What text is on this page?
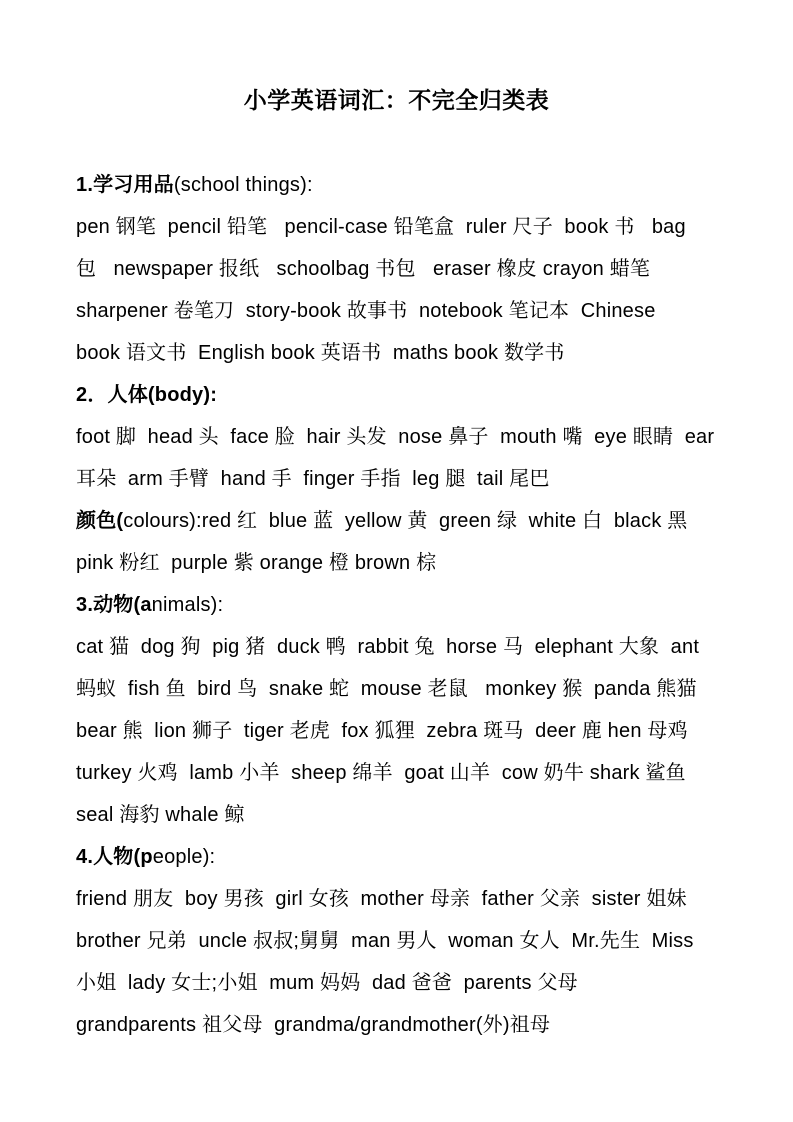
小学英语词汇：不完全归类表
1.学习用品(school things):
pen 钢笔  pencil 铅笔   pencil-case 铅笔盒  ruler 尺子  book 书   bag
包   newspaper 报纸   schoolbag 书包   eraser 橡皮 crayon 蜡笔
sharpener 卷笔刀  story-book 故事书  notebook 笔记本  Chinese
book 语文书  English book 英语书  maths book 数学书
2．人体(body):
foot 脚  head 头  face 脸  hair 头发  nose 鼻子  mouth 嘴  eye 眼睛  ear
耳朵  arm 手臂  hand 手  finger 手指  leg 腿  tail 尾巴
颜色(colours):red 红  blue 蓝  yellow 黄  green 绿  white 白  black 黑
pink 粉红  purple 紫 orange 橙 brown 棕
3.动物(animals):
cat 猫  dog 狗  pig 猪  duck 鸭  rabbit 兔  horse 马  elephant 大象  ant
蚂蚁  fish 鱼  bird 鸟  snake 蛇  mouse 老鼠   monkey 猴  panda 熊猫
bear 熊  lion 狮子  tiger 老虎  fox 狐狸  zebra 斑马  deer 鹿 hen 母鸡
turkey 火鸡  lamb 小羊  sheep 绵羊  goat 山羊  cow 奶牛 shark 鲨鱼
seal 海豹 whale 鲸
4.人物(people):
friend 朋友  boy 男孩  girl 女孩  mother 母亲  father 父亲  sister 姐妹
brother 兄弟  uncle 叔叔;舅舅  man 男人  woman 女人  Mr.先生  Miss
小姐  lady 女士;小姐  mum 妈妈  dad 爸爸  parents 父母
grandparents 祖父母  grandma/grandmother(外)祖母
